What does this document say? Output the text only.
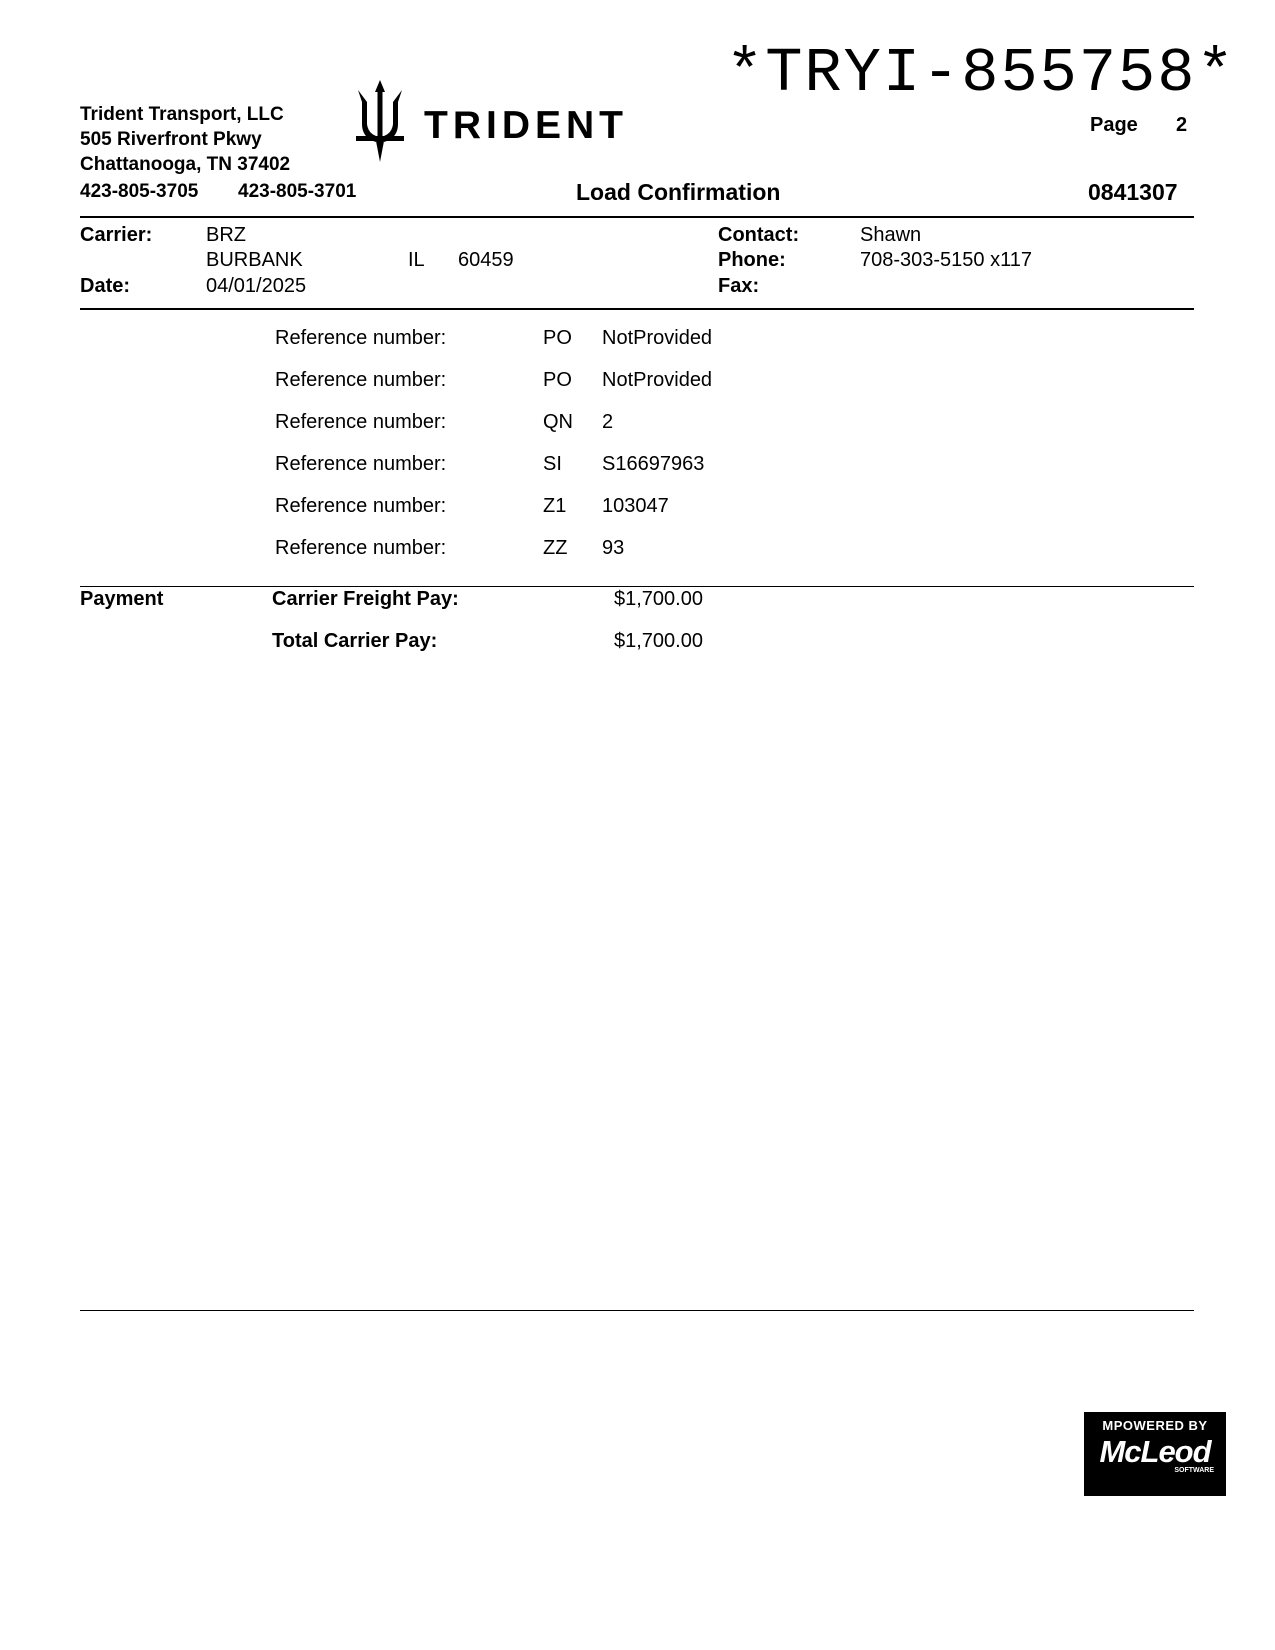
*TRYI-855758*
Trident Transport, LLC
505 Riverfront Pkwy
Chattanooga, TN 37402
423-805-3705 423-805-3701
TRIDENT	Page 2
Load Confirmation	0841307
Carrier:	BRZ
BURBANK	IL 60459
Date:	04/01/2025
Contact:	Shawn
Phone:	708-303-5150 x117
Fax:
Reference number:	PO NotProvided
Reference number:	PO NotProvided
Reference number:	QN 2
Reference number:	SI S16697963
Reference number:	Z1 103047
Reference number:	ZZ 93
Payment	Carrier Freight Pay:	$1,700.00
Total Carrier Pay:	$1,700.00
MPOWERED BY
McLeod
SOFTWARE
